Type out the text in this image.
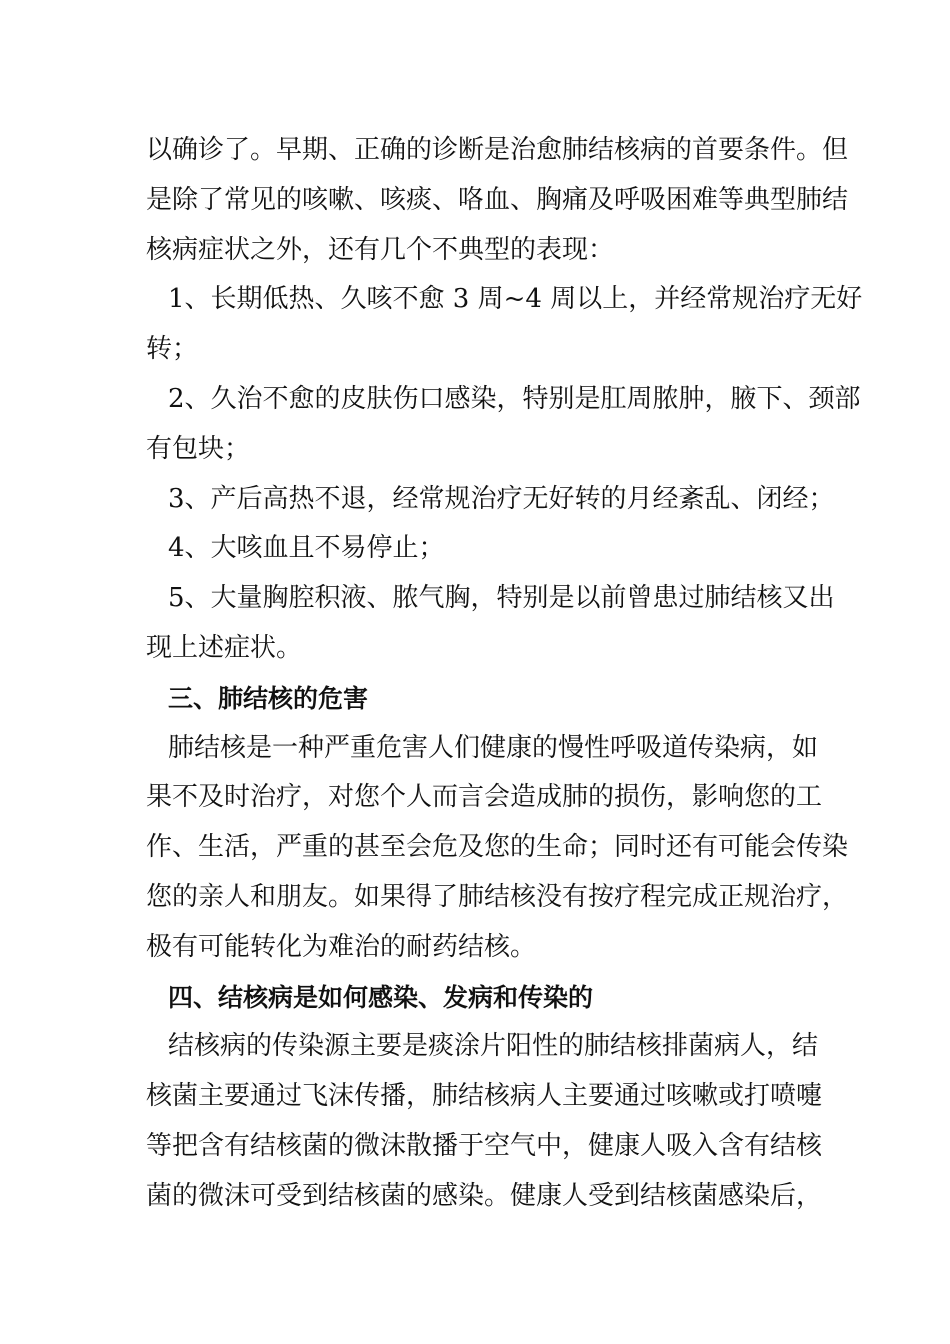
以确诊了。早期、正确的诊断是治愈肺结核病的首要条件。但
是除了常见的咳嗽、咳痰、咯血、胸痛及呼吸困难等典型肺结
核病症状之外，还有几个不典型的表现：
1、长期低热、久咳不愈 3 周~4 周以上，并经常规治疗无好
转；
2、久治不愈的皮肤伤口感染，特别是肛周脓肿，腋下、颈部
有包块；
3、产后高热不退，经常规治疗无好转的月经紊乱、闭经；
4、大咳血且不易停止；
5、大量胸腔积液、脓气胸，特别是以前曾患过肺结核又出
现上述症状。
三、肺结核的危害
肺结核是一种严重危害人们健康的慢性呼吸道传染病，如
果不及时治疗，对您个人而言会造成肺的损伤，影响您的工
作、生活，严重的甚至会危及您的生命；同时还有可能会传染
您的亲人和朋友。如果得了肺结核没有按疗程完成正规治疗，
极有可能转化为难治的耐药结核。
四、结核病是如何感染、发病和传染的
结核病的传染源主要是痰涂片阳性的肺结核排菌病人，结
核菌主要通过飞沫传播，肺结核病人主要通过咳嗽或打喷嚏
等把含有结核菌的微沫散播于空气中，健康人吸入含有结核
菌的微沫可受到结核菌的感染。健康人受到结核菌感染后，
